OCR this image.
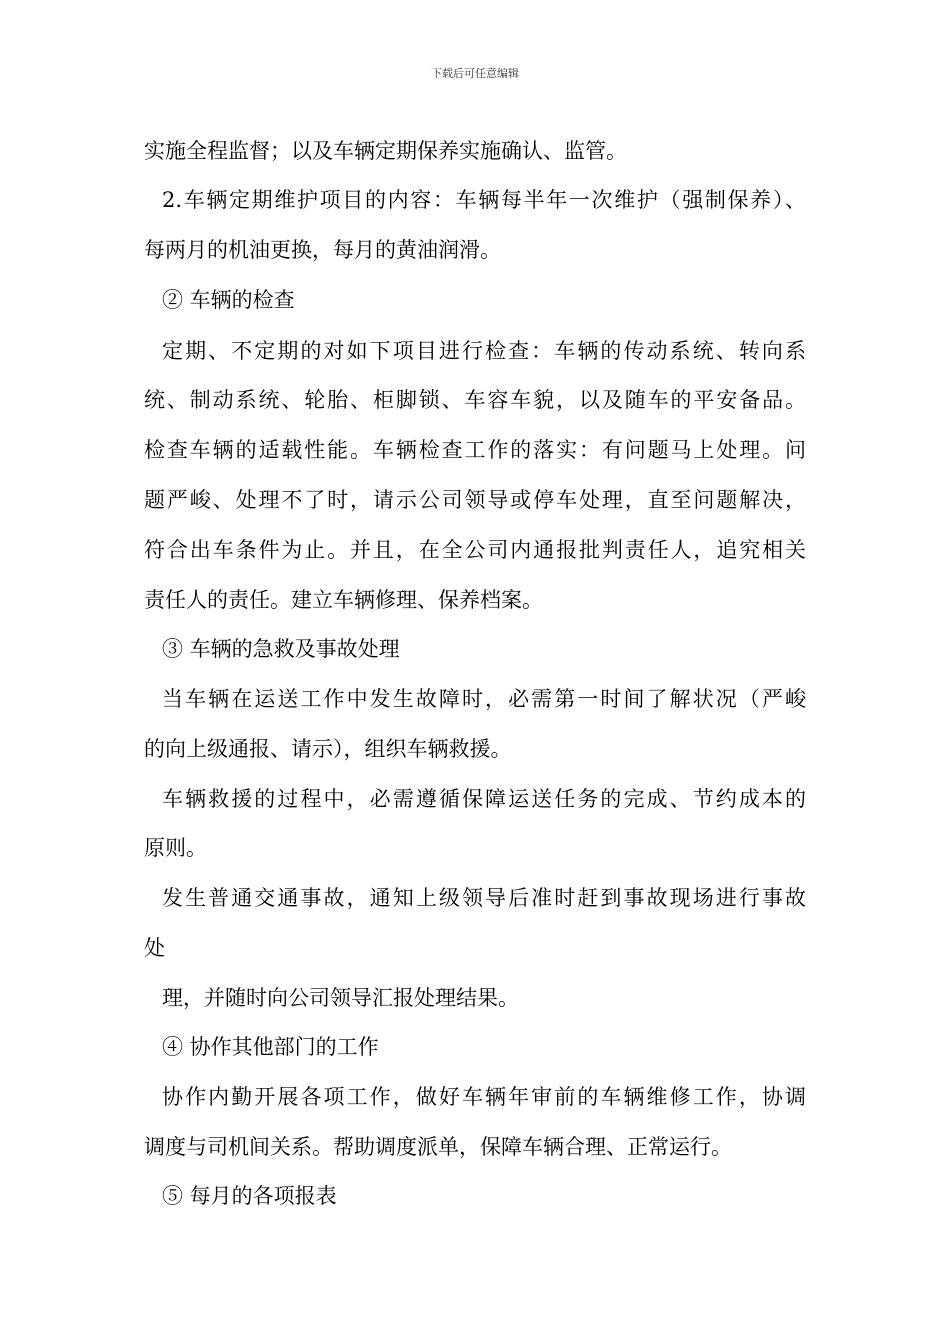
下载后可任意编辑
实施全程监督；以及车辆定期保养实施确认、监管。
2.车辆定期维护项目的内容：车辆每半年一次维护（强制保养）、
每两月的机油更换，每月的黄油润滑。
② 车辆的检查
定期、不定期的对如下项目进行检查：车辆的传动系统、转向系
统、制动系统、轮胎、柜脚锁、车容车貌，以及随车的平安备品。
检查车辆的适载性能。车辆检查工作的落实：有问题马上处理。问
题严峻、处理不了时，请示公司领导或停车处理，直至问题解决，
符合出车条件为止。并且，在全公司内通报批判责任人，追究相关
责任人的责任。建立车辆修理、保养档案。
③ 车辆的急救及事故处理
当车辆在运送工作中发生故障时，必需第一时间了解状况（严峻
的向上级通报、请示），组织车辆救援。
车辆救援的过程中，必需遵循保障运送任务的完成、节约成本的
原则。
发生普通交通事故，通知上级领导后准时赶到事故现场进行事故
处
理，并随时向公司领导汇报处理结果。
④ 协作其他部门的工作
协作内勤开展各项工作，做好车辆年审前的车辆维修工作，协调
调度与司机间关系。帮助调度派单，保障车辆合理、正常运行。
⑤ 每月的各项报表
